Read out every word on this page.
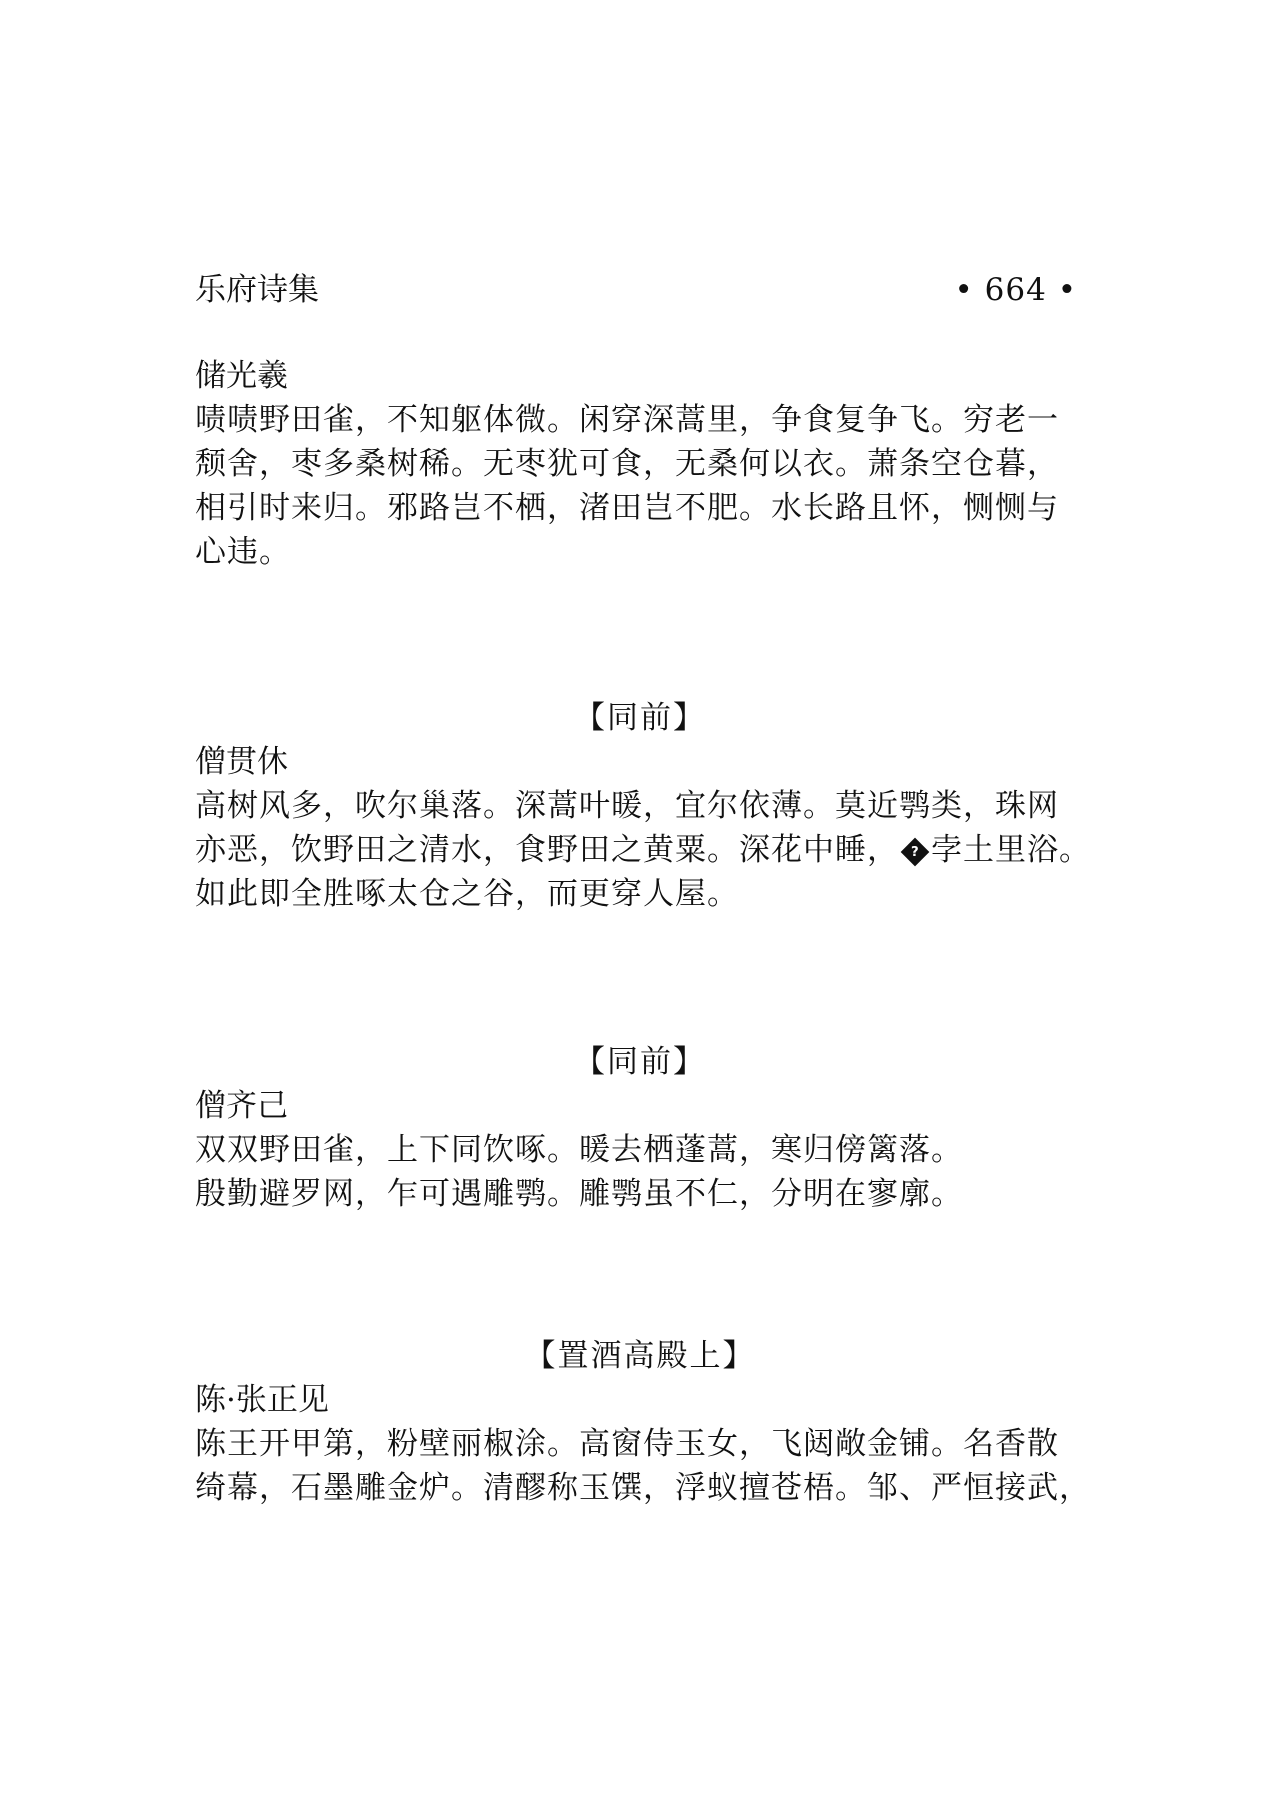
乐府诗集	• 664 •
储光羲
啧啧野田雀，不知躯体微。闲穿深蒿里，争食复争飞。穷老一
颓舍，枣多桑树稀。无枣犹可食，无桑何以衣。萧条空仓暮，
相引时来归。邪路岂不栖，渚田岂不肥。水长路且怀，恻恻与
心违。
【同前】
僧贯休
高树风多，吹尔巢落。深蒿叶暖，宜尔依薄。莫近鹗类，珠网
亦恶，饮野田之清水，食野田之黄粟。深花中睡， ? 孛土里浴。
如此即全胜啄太仓之谷，而更穿人屋。
【同前】
僧齐己
双双野田雀，上下同饮啄。暖去栖蓬蒿，寒归傍篱落。
殷勤避罗网，乍可遇雕鹗。雕鹗虽不仁，分明在寥廓。
【置酒高殿上】
陈·张正见
陈王开甲第，粉壁丽椒涂。高窗侍玉女，飞闼敞金铺。名香散
绮幕，石墨雕金炉。清醪称玉馔，浮蚁擅苍梧。邹、严恒接武，
